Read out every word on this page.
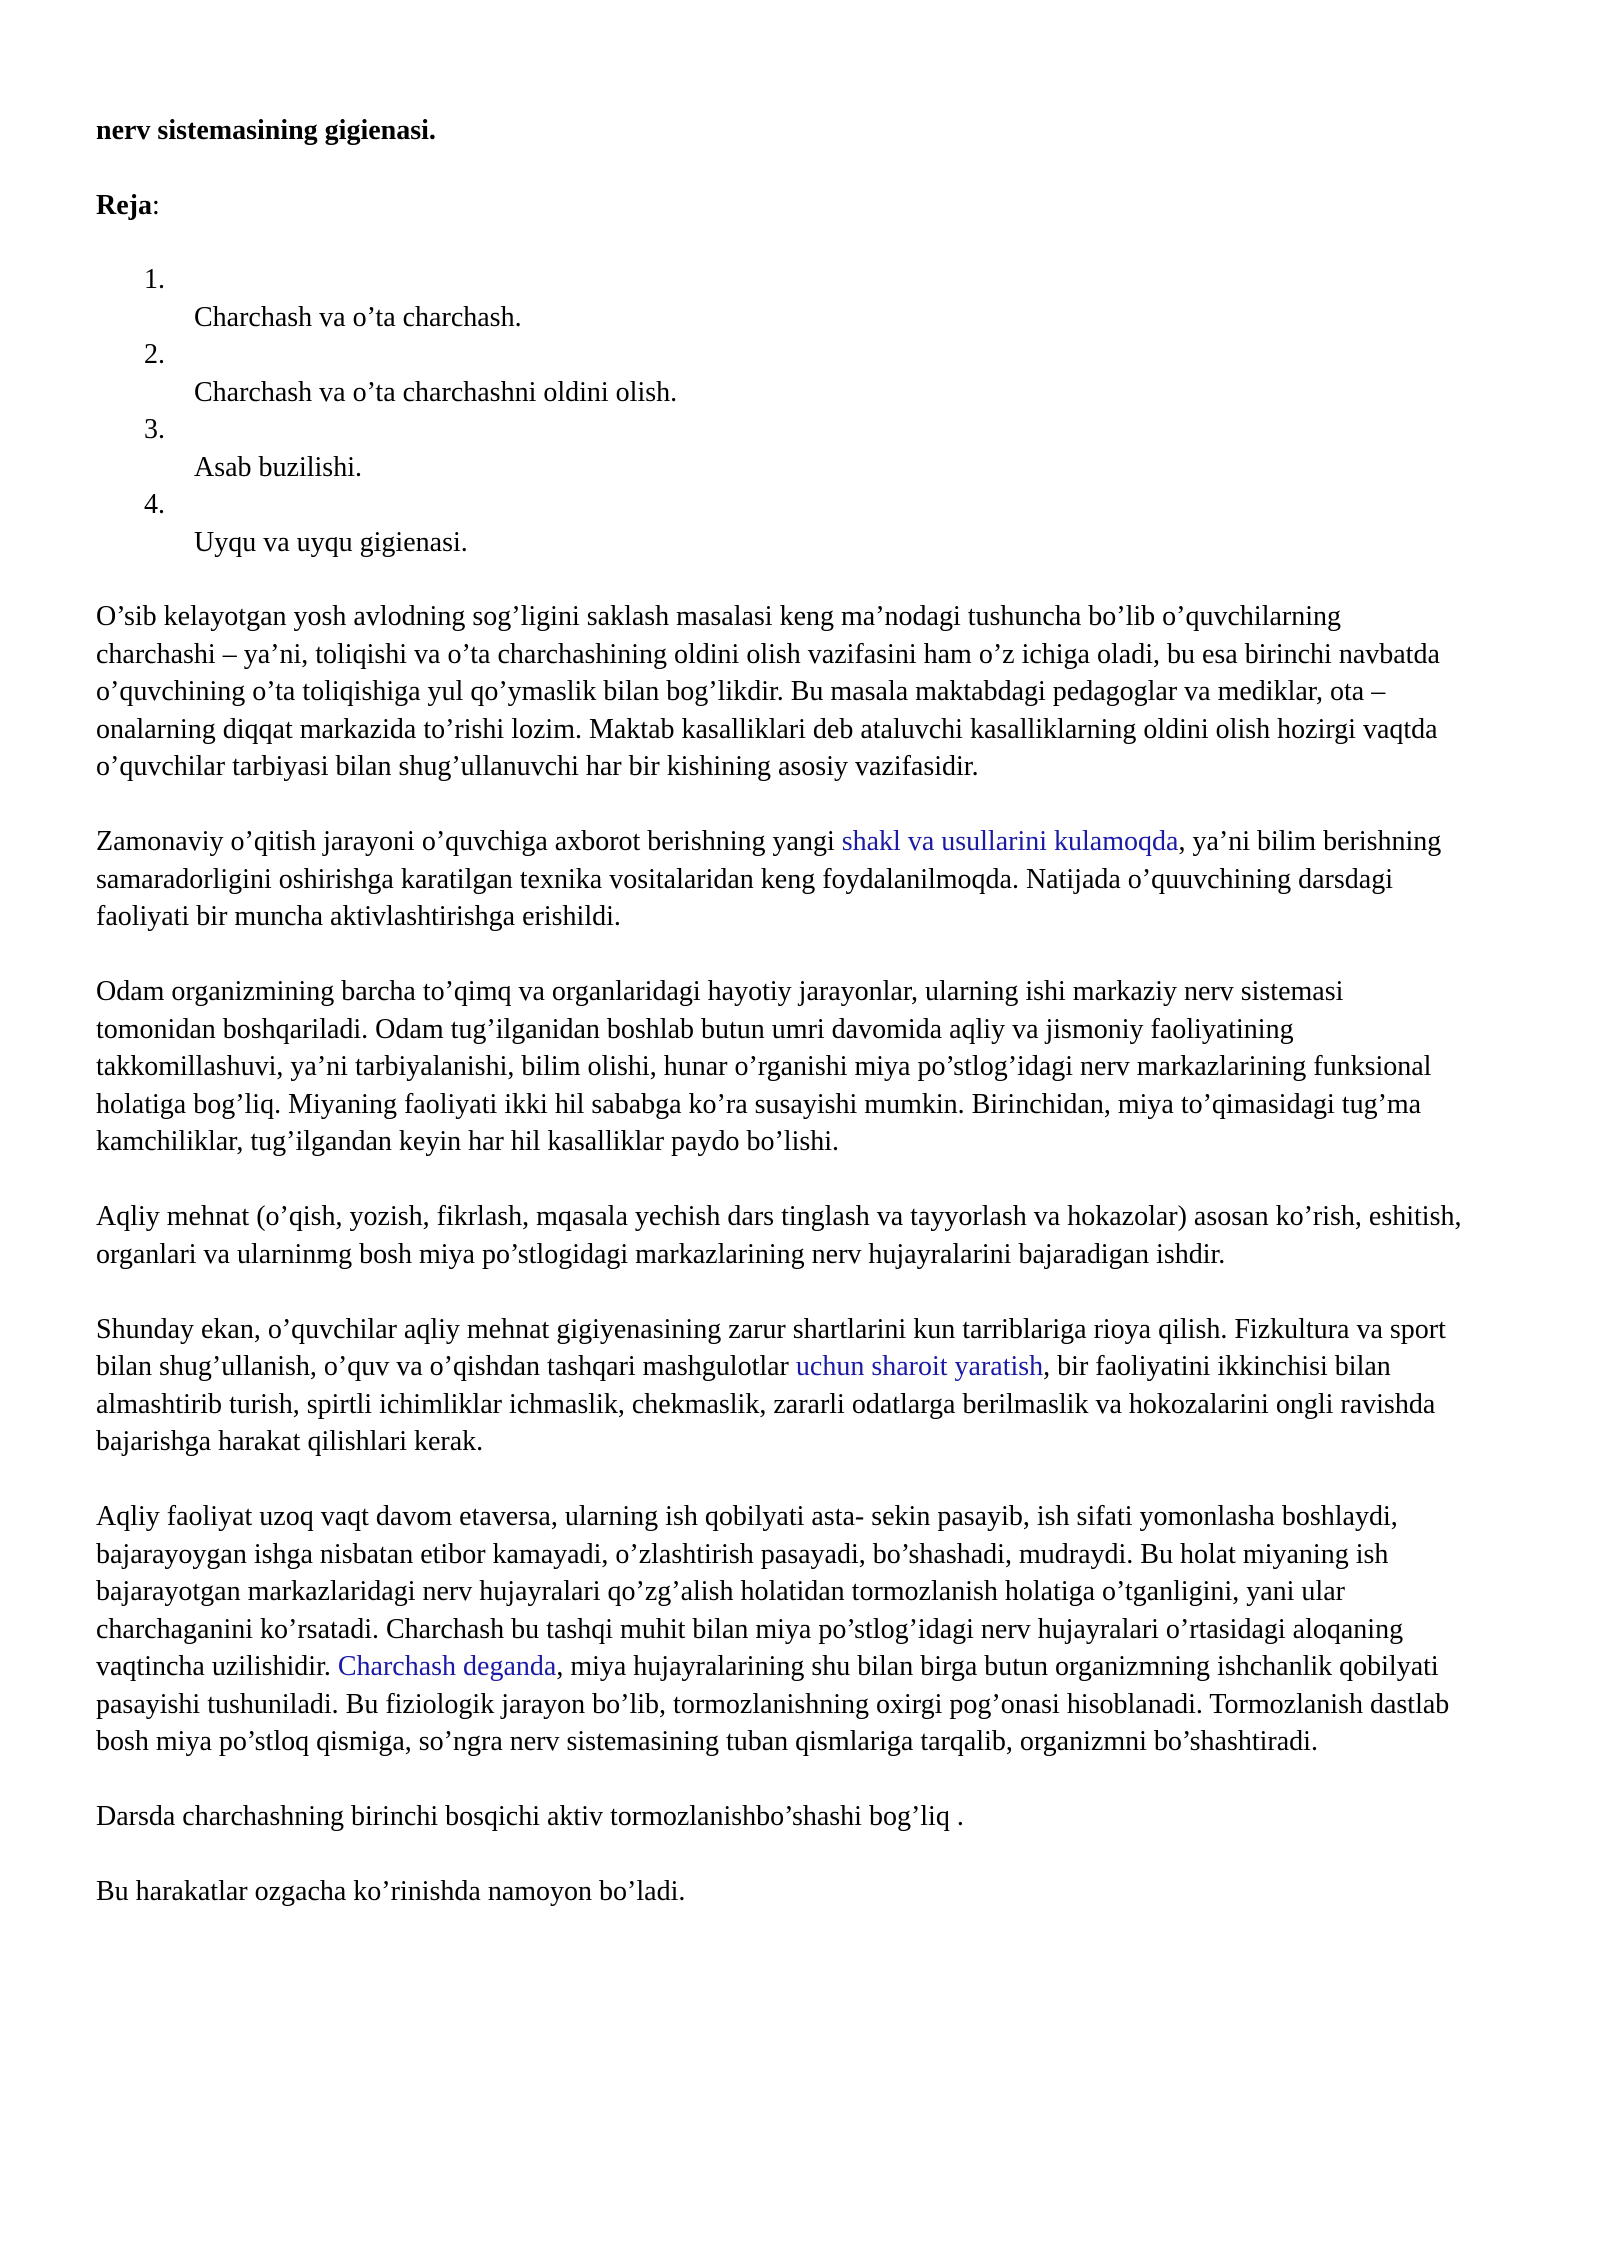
nerv sistemasining gigienasi.
Reja:
1.
Charchash va o’ta charchash.
2.
Charchash va o’ta charchashni oldini olish.
3.
Asab buzilishi.
4.
Uyqu va uyqu gigienasi.

O’sib kelayotgan yosh avlodning sog’ligini saklash masalasi keng ma’nodagi tushuncha bo’lib o’quvchilarning charchashi – ya’ni, toliqishi va o’ta charchashining oldini olish vazifasini ham o’z ichiga oladi, bu esa birinchi navbatda o’quvchining o’ta toliqishiga yul qo’ymaslik bilan bog’likdir. Bu masala maktabdagi pedagoglar va mediklar, ota – onalarning diqqat markazida to’rishi lozim. Maktab kasalliklari deb ataluvchi kasalliklarning oldini olish hozirgi vaqtda o’quvchilar tarbiyasi bilan shug’ullanuvchi har bir kishining asosiy vazifasidir.

Zamonaviy o’qitish jarayoni o’quvchiga axborot berishning yangi shakl va usullarini kulamoqda, ya’ni bilim berishning samaradorligini oshirishga karatilgan texnika vositalaridan keng foydalanilmoqda. Natijada o’quuvchining darsdagi faoliyati bir muncha aktivlashtirishga erishildi.

Odam organizmining barcha to’qimq va organlaridagi hayotiy jarayonlar, ularning ishi markaziy nerv sistemasi tomonidan boshqariladi. Odam tug’ilganidan boshlab butun umri davomida aqliy va jismoniy faoliyatining takkomillashuvi, ya’ni tarbiyalanishi, bilim olishi, hunar o’rganishi miya po’stlog’idagi nerv markazlarining funksional holatiga bog’liq. Miyaning faoliyati ikki hil sababga ko’ra susayishi mumkin. Birinchidan, miya to’qimasidagi tug’ma kamchiliklar, tug’ilgandan keyin har hil kasalliklar paydo bo’lishi.

Aqliy mehnat (o’qish, yozish, fikrlash, mqasala yechish dars tinglash va tayyorlash va hokazolar) asosan ko’rish, eshitish, organlari va ularninmg bosh miya po’stlogidagi markazlarining nerv hujayralarini bajaradigan ishdir.

Shunday ekan, o’quvchilar aqliy mehnat gigiyenasining zarur shartlarini kun tarriblariga rioya qilish. Fizkultura va sport bilan shug’ullanish, o’quv va o’qishdan tashqari mashgulotlar uchun sharoit yaratish, bir faoliyatini ikkinchisi bilan almashtirib turish, spirtli ichimliklar ichmaslik, chekmaslik, zararli odatlarga berilmaslik va hokozalarini ongli ravishda bajarishga harakat qilishlari kerak.

Aqliy faoliyat uzoq vaqt davom etaversa, ularning ish qobilyati asta- sekin pasayib, ish sifati yomonlasha boshlaydi, bajarayoygan ishga nisbatan etibor kamayadi, o’zlashtirish pasayadi, bo’shashadi, mudraydi. Bu holat miyaning ish bajarayotgan markazlaridagi nerv hujayralari qo’zg’alish holatidan tormozlanish holatiga o’tganligini, yani ular charchaganini ko’rsatadi. Charchash bu tashqi muhit bilan miya po’stlog’idagi nerv hujayralari o’rtasidagi aloqaning vaqtincha uzilishidir. Charchash deganda, miya hujayralarining shu bilan birga butun organizmning ishchanlik qobilyati pasayishi tushuniladi. Bu fiziologik jarayon bo’lib, tormozlanishning oxirgi pog’onasi hisoblanadi. Tormozlanish dastlab bosh miya po’stloq qismiga, so’ngra nerv sistemasining tuban qismlariga tarqalib, organizmni bo’shashtiradi.

Darsda charchashning birinchi bosqichi aktiv tormozlanishbo’shashi bog’liq .

Bu harakatlar ozgacha ko’rinishda namoyon bo’ladi.
